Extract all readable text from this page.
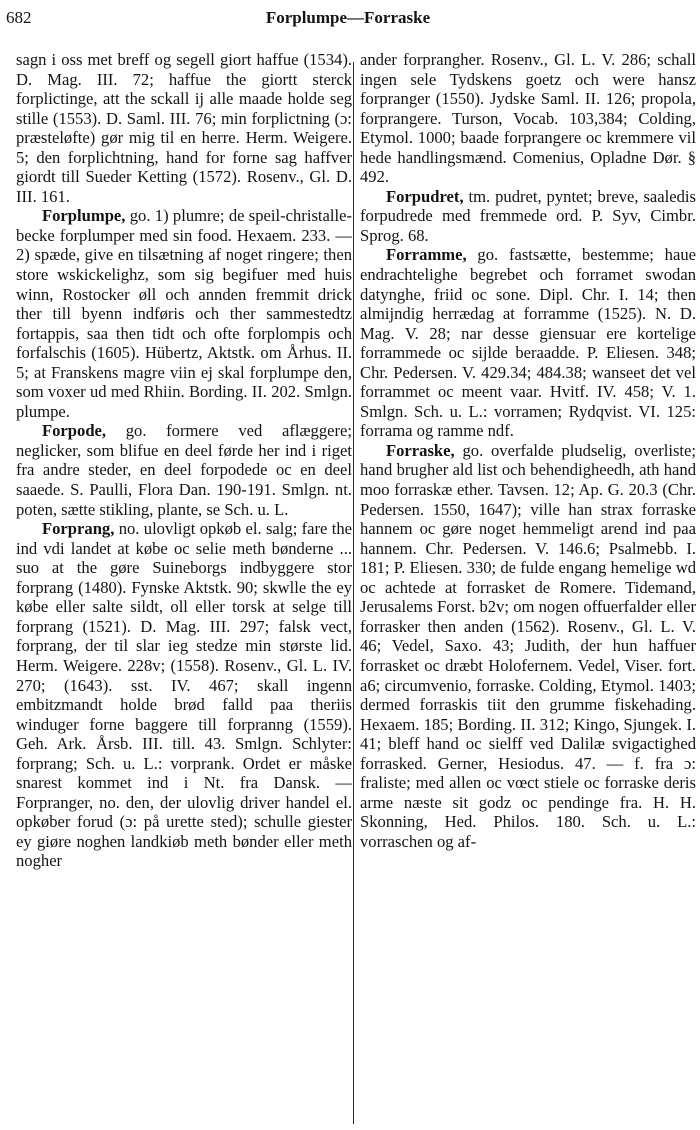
682	Forplumpe—Forraske

sagn i oss met breff og segell giort haffue (1534). D. Mag. III. 72; haffue the giortt sterck forplictinge, att the sckall ij alle maade holde seg stille (1553). D. Saml. III. 76; min forplictning (ɔ: præsteløfte) gør mig til en herre. Herm. Weigere. 5; den forplichtning, hand for forne sag haffver giordt till Sueder Ketting (1572). Rosenv., Gl. D. III. 161.

Forplumpe, go. 1) plumre; de speil-christalle-becke forplumper med sin food. Hexaem. 233. — 2) spæde, give en tilsætning af noget ringere; then store wskickelighz, som sig begifuer med huis winn, Rostocker øll och annden fremmit drick ther till byenn indføris och ther sammestedtz fortappis, saa then tidt och ofte forplompis och forfalschis (1605). Hübertz, Aktstk. om Århus. II. 5; at Franskens magre viin ej skal forplumpe den, som voxer ud med Rhiin. Bording. II. 202. Smlgn. plumpe.

Forpode, go. formere ved aflæggere; neglicker, som blifue en deel førde her ind i riget fra andre steder, en deel forpodede oc en deel saaede. S. Paulli, Flora Dan. 190-191. Smlgn. nt. poten, sætte stikling, plante, se Sch. u. L.

Forprang, no. ulovligt opkøb el. salg; fare the ind vdi landet at købe oc selie meth bønderne ... suo at the gøre Suineborgs indbyggere stor forprang (1480). Fynske Aktstk. 90; skwlle the ey købe eller salte sildt, oll eller torsk at selge till forprang (1521). D. Mag. III. 297; falsk vect, forprang, der til slar ieg stedze min største lid. Herm. Weigere. 228v; (1558). Rosenv., Gl. L. IV. 270; (1643). sst. IV. 467; skall ingenn embitzmandt holde brød falld paa theriis winduger forne baggere till forpranng (1559). Geh. Ark. Årsb. III. till. 43. Smlgn. Schlyter: forprang; Sch. u. L.: vorprank. Ordet er måske snarest kommet ind i Nt. fra Dansk. — Forpranger, no. den, der ulovlig driver handel el. opkøber forud (ɔ: på urette sted); schulle giester ey giøre noghen landkiøb meth bønder eller meth nogher

ander forprangher. Rosenv., Gl. L. V. 286; schall ingen sele Tydskens goetz och were hansz forpranger (1550). Jydske Saml. II. 126; propola, forprangere. Turson, Vocab. 103,384; Colding, Etymol. 1000; baade forprangere oc kremmere vil hede handlingsmænd. Comenius, Opladne Dør. § 492.

Forpudret, tm. pudret, pyntet; breve, saaledis forpudrede med fremmede ord. P. Syv, Cimbr. Sprog. 68.

Forramme, go. fastsætte, bestemme; haue endrachtelighe begrebet och forramet swodan datynghe, friid oc sone. Dipl. Chr. I. 14; then almijndig herrædag at forramme (1525). N. D. Mag. V. 28; nar desse giensuar ere kortelige forrammede oc sijlde beraadde. P. Eliesen. 348; Chr. Pedersen. V. 429.34; 484.38; wanseet det vel forrammet oc meent vaar. Hvitf. IV. 458; V. 1. Smlgn. Sch. u. L.: vorramen; Rydqvist. VI. 125: forrama og ramme ndf.

Forraske, go. overfalde pludselig, overliste; hand brugher ald list och behendigheedh, ath hand moo forraskæ ether. Tavsen. 12; Ap. G. 20.3 (Chr. Pedersen. 1550, 1647); ville han strax forraske hannem oc gøre noget hemmeligt arend ind paa hannem. Chr. Pedersen. V. 146.6; Psalmebb. I. 181; P. Eliesen. 330; de fulde engang hemelige wd oc achtede at forrasket de Romere. Tidemand, Jerusalems Forst. b2v; om nogen offuerfalder eller forrasker then anden (1562). Rosenv., Gl. L. V. 46; Vedel, Saxo. 43; Judith, der hun haffuer forrasket oc dræbt Holofernem. Vedel, Viser. fort. a6; circumvenio, forraske. Colding, Etymol. 1403; dermed forraskis tiit den grumme fiskehading. Hexaem. 185; Bording. II. 312; Kingo, Sjungek. I. 41; bleff hand oc sielff ved Dalilæ svigactighed forrasked. Gerner, Hesiodus. 47. — f. fra ɔ: fraliste; med allen oc vœct stiele oc forraske deris arme næste sit godz oc pendinge fra. H. H. Skonning, Hed. Philos. 180. Sch. u. L.: vorraschen og af-
